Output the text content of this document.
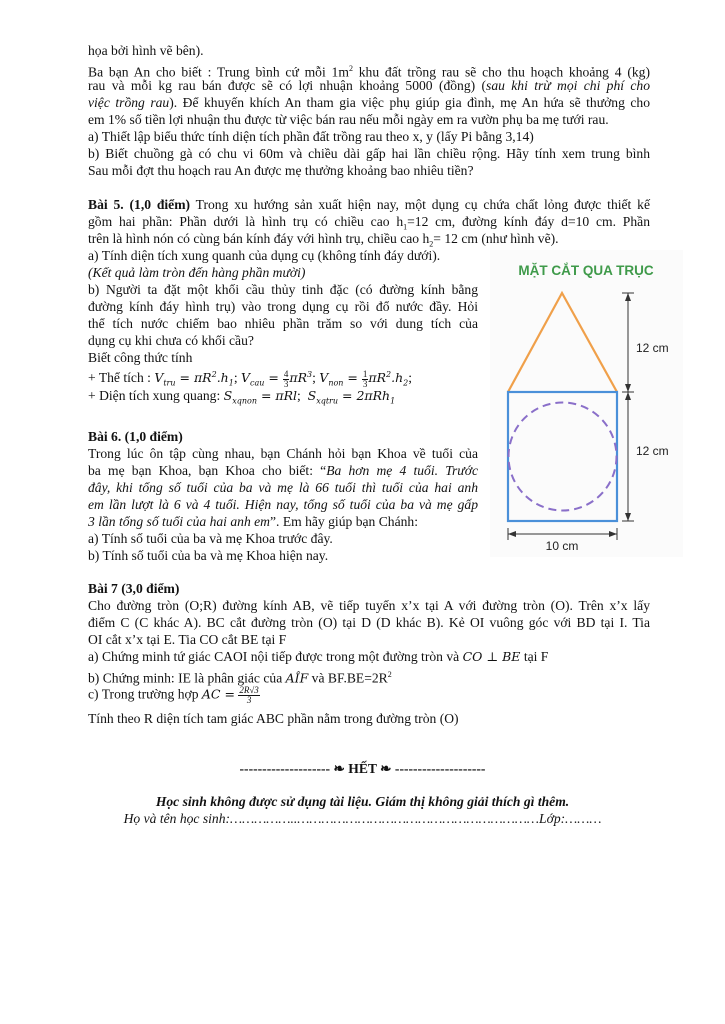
họa bởi hình vẽ bên).
Ba bạn An cho biết : Trung bình cứ mỗi $1m^2$ khu đất trồng rau sẽ cho thu hoạch khoảng 4 (kg)
rau và mỗi kg rau bán được sẽ có lợi nhuận khoảng 5000 (đồng) (sau khi trừ mọi chi phí cho
việc trồng rau). Để khuyến khích An tham gia việc phụ giúp gia đình, mẹ An hứa sẽ thưởng cho
em 1% số tiền lợi nhuận thu được từ việc bán rau nếu mỗi ngày em ra vườn phụ ba mẹ tưới rau.
a) Thiết lập biểu thức tính diện tích phần đất trồng rau theo x, y (lấy Pi bằng 3,14)
b) Biết chuồng gà có chu vi 60m và chiều dài gấp hai lần chiều rộng. Hãy tính xem trung bình
Sau mỗi đợt thu hoạch rau An được mẹ thưởng khoảng bao nhiêu tiền?
Bài 5. (1,0 điểm) Trong xu hướng sản xuất hiện nay, một dụng cụ chứa chất lỏng được thiết kế
gồm hai phần: Phần dưới là hình trụ có chiều cao $h_1=12$ cm, đường kính đáy d=10 cm. Phần
trên là hình nón có cùng bán kính đáy với hình trụ, chiều cao $h_2= 12$ cm (như hình vẽ).
a) Tính diện tích xung quanh của dụng cụ (không tính đáy dưới).
(Kết quả làm tròn đến hàng phần mười)
b) Người ta đặt một khối cầu thủy tinh đặc (có đường kính bằng
đường kính đáy hình trụ) vào trong dụng cụ rồi đổ nước đầy. Hỏi
thể tích nước chiếm bao nhiêu phần trăm so với dung tích của
dụng cụ khi chưa có khối cầu?
Biết công thức tính
+ Thể tích : $V_{tru} = \pi R^2.h_1$; $V_{cau} = \frac{4}{3} \pi R^3$; $V_{non} = \frac{1}{3} \pi R^2.h_2$;
+ Diện tích xung quang: $S_{xqnon} = \pi Rl$;  $S_{xqtru} = 2\pi Rh_1$
Bài 6. (1,0 điểm)
Trong lúc ôn tập cùng nhau, bạn Chánh hỏi bạn Khoa về tuổi của
ba mẹ bạn Khoa, bạn Khoa cho biết: “Ba hơn mẹ 4 tuổi. Trước
đây, khi tổng số tuổi của ba và mẹ là 66 tuổi thì tuổi của hai anh
em lần lượt là 6 và 4 tuổi. Hiện nay, tổng số tuổi của ba và mẹ gấp
3 lần tổng số tuổi của hai anh em”. Em hãy giúp bạn Chánh:
a) Tính số tuổi của ba và mẹ Khoa trước đây.
b) Tính số tuổi của ba và mẹ Khoa hiện nay.
Bài 7 (3,0 điểm)
Cho đường tròn (O;R) đường kính AB, vẽ tiếp tuyến x’x tại A với đường tròn (O). Trên x’x lấy
điểm C (C khác A). BC cắt đường tròn (O) tại D (D khác B). Kẻ OI vuông góc với BD tại I. Tia
OI cắt x’x tại E. Tia CO cắt BE tại F
a) Chứng minh tứ giác CAOI nội tiếp được trong một đường tròn và CO ⊥ BE tại F
b) Chứng minh: IE là phân giác của AÎF và $BF.BE=2R^2$
c) Trong trường hợp AC = $\frac{2R√3}{3}$
Tính theo R diện tích tam giác ABC phần nằm trong đường tròn (O)
-------------------- ❧ HẾT ❧ --------------------
Học sinh không được sử dụng tài liệu. Giám thị không giải thích gì thêm.
Họ và tên học sinh:……………..……………………………………………………Lớp:………
MẶT CẮT QUA TRỤC
12 cm
12 cm
10 cm
